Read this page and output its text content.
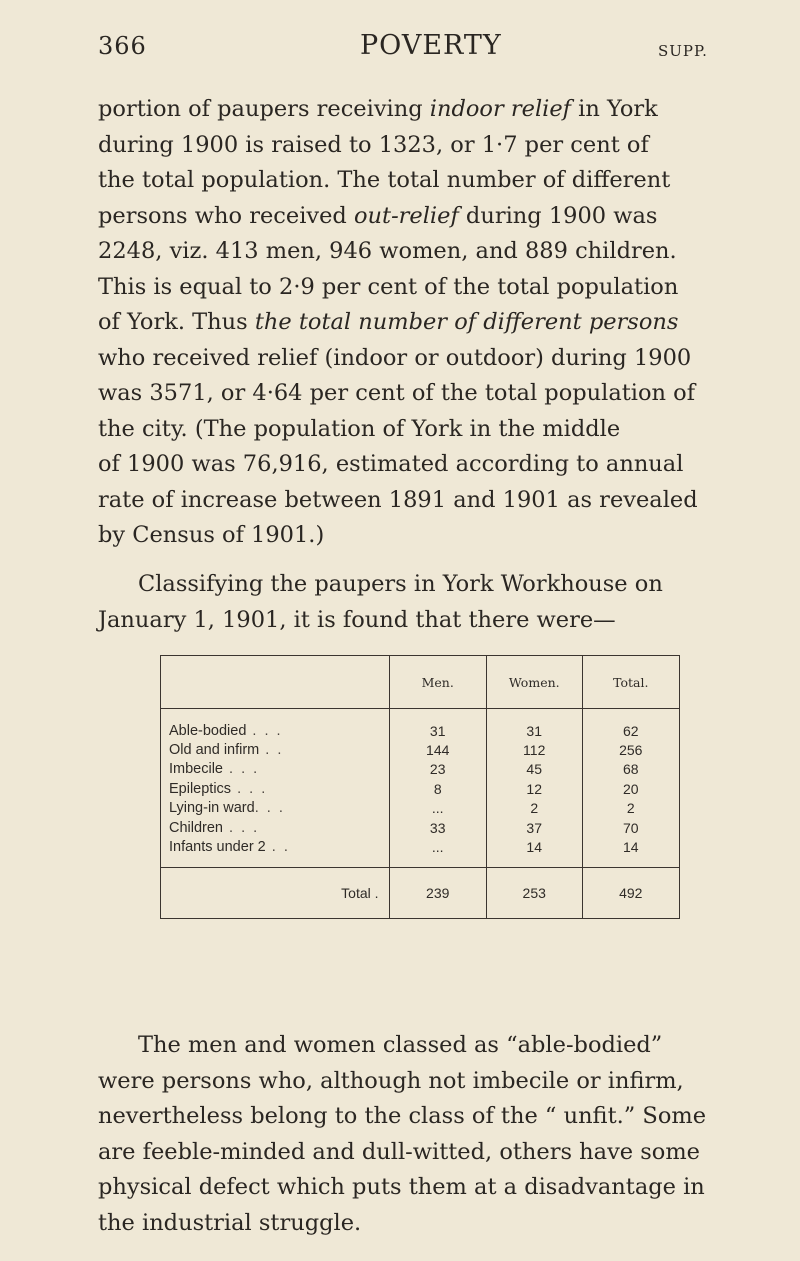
366	POVERTY	SUPP.
portion of paupers receiving indoor relief in York
during 1900 is raised to 1323, or 1·7 per cent of
the total population. The total number of different
persons who received out-relief during 1900 was
2248, viz. 413 men, 946 women, and 889 children.
This is equal to 2·9 per cent of the total population
of York. Thus the total number of different persons
who received relief (indoor or outdoor) during 1900
was 3571, or 4·64 per cent of the total population of
the city. (The population of York in the middle
of 1900 was 76,916, estimated according to annual
rate of increase between 1891 and 1901 as revealed
by Census of 1901.)
Classifying the paupers in York Workhouse on
January 1, 1901, it is found that there were—
	Men.	Women.	Total.
Able-bodied . . .	31	31	62
Old and infirm . .	144	112	256
Imbecile . . .	23	45	68
Epileptics . . .	8	12	20
Lying-in ward. . .	...	2	2
Children . . .	33	37	70
Infants under 2 . .	...	14	14
Total .	239	253	492
The men and women classed as “able-bodied”
were persons who, although not imbecile or infirm,
nevertheless belong to the class of the “ unfit.” Some
are feeble-minded and dull-witted, others have some
physical defect which puts them at a disadvantage in
the industrial struggle.
